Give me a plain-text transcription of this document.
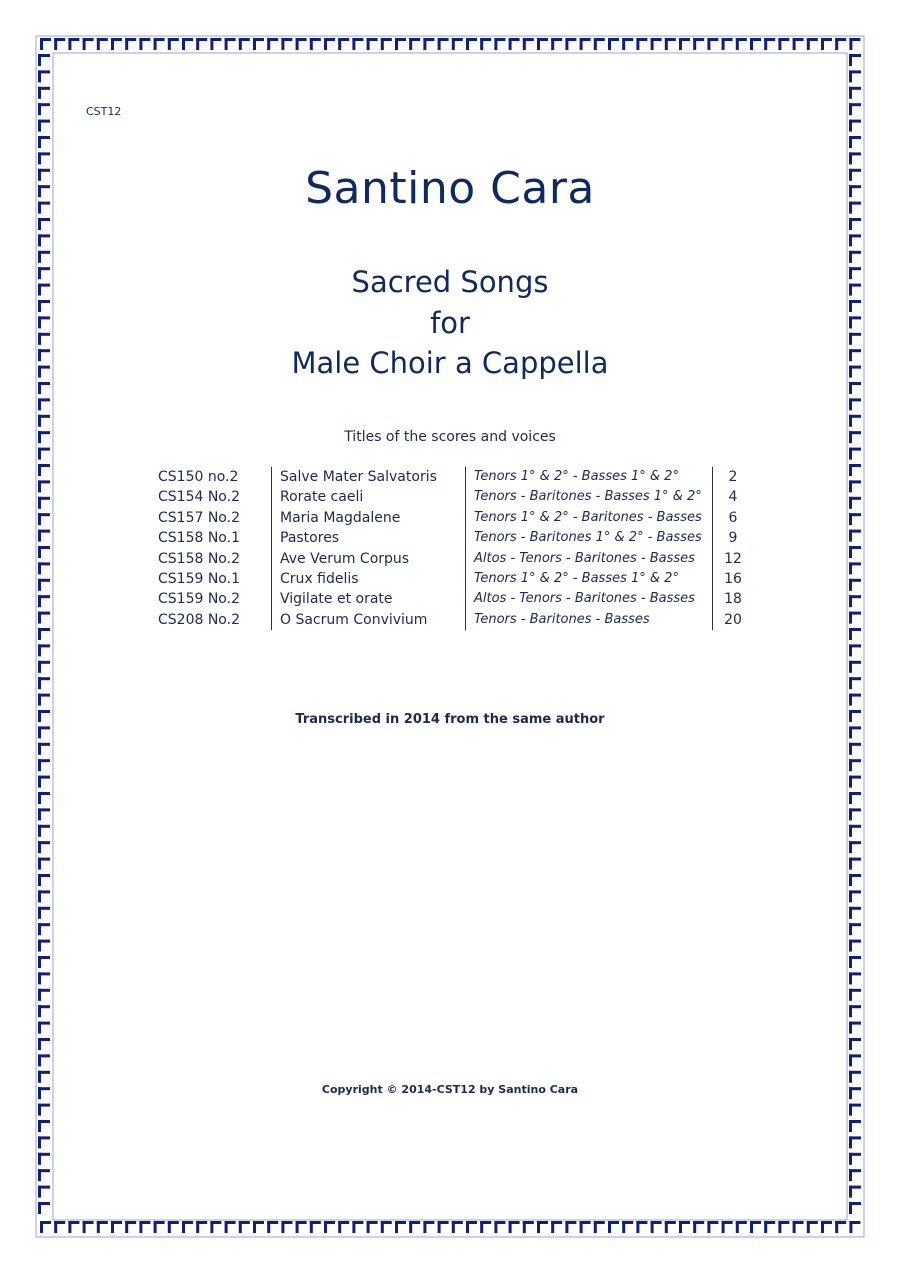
CST12
Santino Cara
Sacred Songs
for
Male Choir a Cappella
Titles of the scores and voices
CS150 no.2	Salve Mater Salvatoris	Tenors 1° & 2° - Basses 1° & 2°	2
CS154 No.2	Rorate caeli	Tenors - Baritones - Basses 1° & 2°	4
CS157 No.2	Maria Magdalene	Tenors 1° & 2° - Baritones - Basses	6
CS158 No.1	Pastores	Tenors - Baritones 1° & 2° - Basses	9
CS158 No.2	Ave Verum Corpus	Altos - Tenors - Baritones - Basses	12
CS159 No.1	Crux fidelis	Tenors 1° & 2° - Basses 1° & 2°	16
CS159 No.2	Vigilate et orate	Altos - Tenors - Baritones - Basses	18
CS208 No.2	O Sacrum Convivium	Tenors - Baritones - Basses	20
Transcribed in 2014 from the same author
Copyright © 2014-CST12 by Santino Cara
